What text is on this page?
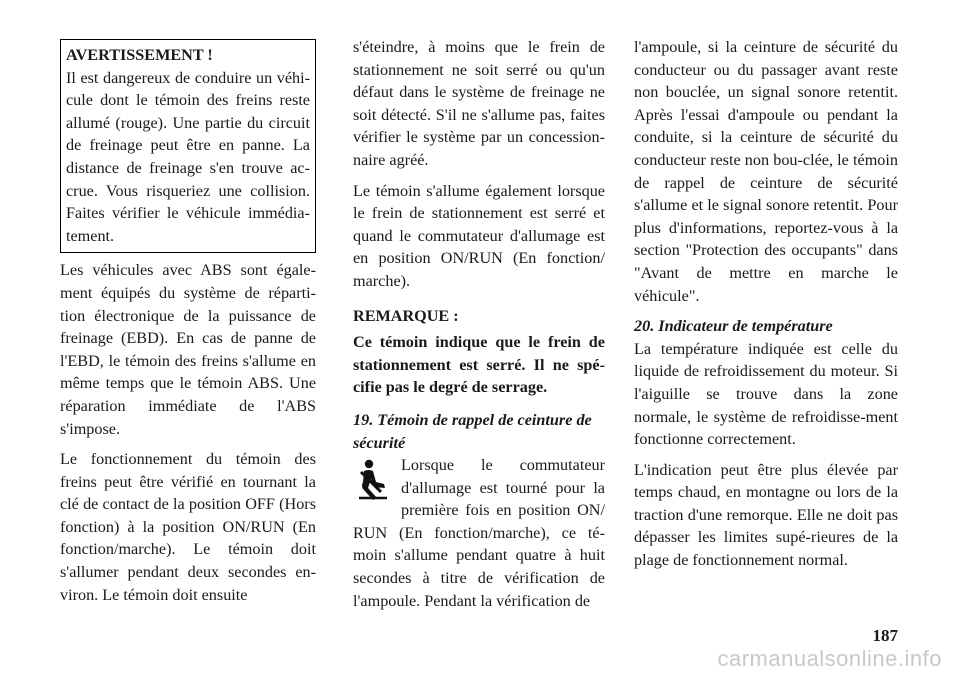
AVERTISSEMENT !
Il est dangereux de conduire un véhi-cule dont le témoin des freins reste allumé (rouge). Une partie du circuit de freinage peut être en panne. La distance de freinage s'en trouve ac-crue. Vous risqueriez une collision. Faites vérifier le véhicule immédia-tement.

Les véhicules avec ABS sont égale-ment équipés du système de réparti-tion électronique de la puissance de freinage (EBD). En cas de panne de l'EBD, le témoin des freins s'allume en même temps que le témoin ABS. Une réparation immédiate de l'ABS s'impose.

Le fonctionnement du témoin des freins peut être vérifié en tournant la clé de contact de la position OFF (Hors fonction) à la position ON/RUN (En fonction/marche). Le témoin doit s'allumer pendant deux secondes en-viron. Le témoin doit ensuite

s'éteindre, à moins que le frein de stationnement ne soit serré ou qu'un défaut dans le système de freinage ne soit détecté. S'il ne s'allume pas, faites vérifier le système par un concession-naire agréé.

Le témoin s'allume également lorsque le frein de stationnement est serré et quand le commutateur d'allumage est en position ON/RUN (En fonction/ marche).

REMARQUE :
Ce témoin indique que le frein de stationnement est serré. Il ne spé-cifie pas le degré de serrage.
19. Témoin de rappel de ceinture de sécurité
Lorsque le commutateur d'allumage est tourné pour la première fois en position ON/ RUN (En fonction/marche), ce té-moin s'allume pendant quatre à huit secondes à titre de vérification de l'ampoule. Pendant la vérification de

l'ampoule, si la ceinture de sécurité du conducteur ou du passager avant reste non bouclée, un signal sonore retentit. Après l'essai d'ampoule ou pendant la conduite, si la ceinture de sécurité du conducteur reste non bou-clée, le témoin de rappel de ceinture de sécurité s'allume et le signal sonore retentit. Pour plus d'informations, reportez-vous à la section "Protection des occupants" dans "Avant de mettre en marche le véhicule".

20. Indicateur de température

La température indiquée est celle du liquide de refroidissement du moteur. Si l'aiguille se trouve dans la zone normale, le système de refroidisse-ment fonctionne correctement.

L'indication peut être plus élevée par temps chaud, en montagne ou lors de la traction d'une remorque. Elle ne doit pas dépasser les limites supé-rieures de la plage de fonctionnement normal.

187
carmanualsonline.info
